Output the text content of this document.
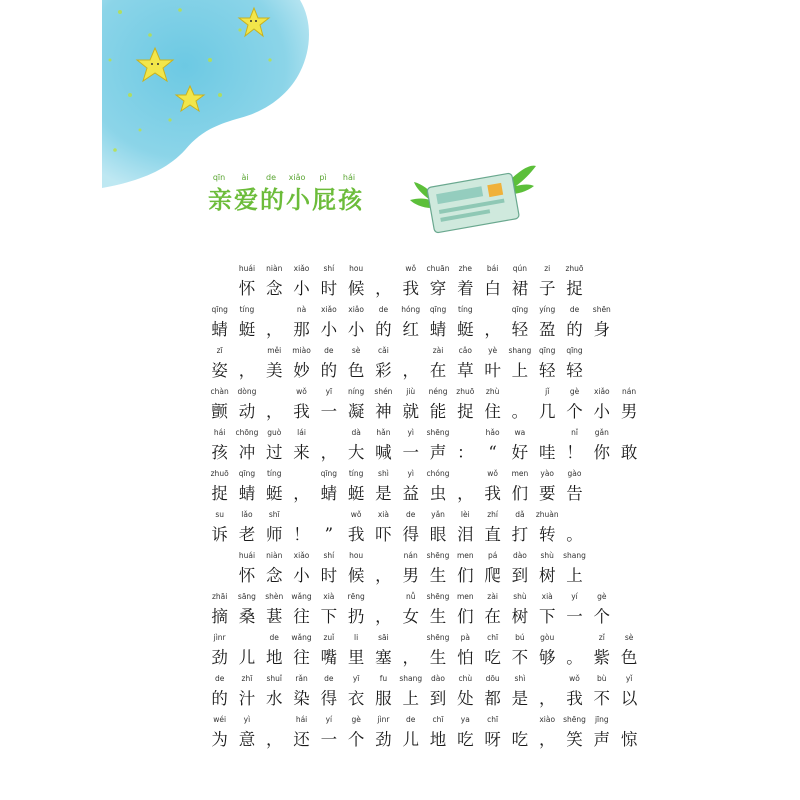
qīn	ài	de	xiǎo	pì	hái
亲爱的小屁孩
huái	niàn	xiǎo	shí	hou	wǒ	chuān	zhe	bái	qún	zi	zhuō

怀 念 小 时 候 ， 我 穿 着 白 裙 子 捉
qīng	tíng	nà	xiǎo	xiǎo	de	hóng	qīng	tíng	qīng	yíng	de	shēn
蜻 蜓 ， 那 小 小 的 红 蜻 蜓 ， 轻 盈 的 身
zī	měi	miào	de	sè	cǎi	zài	cǎo	yè	shang	qīng	qīng
姿 ， 美 妙 的 色 彩 ， 在 草 叶 上 轻 轻
chàn	dòng	wǒ	yī	níng	shén	jiù	néng	zhuō	zhù	jǐ	gè	xiǎo	nán
颤 动 ， 我 一 凝 神 就 能 捉 住 。 几 个 小 男
hái	chōng	guò	lái	dà	hǎn	yì	shēng	hǎo	wa	nǐ	gǎn
孩 冲 过 来 ， 大 喊 一 声 ： “ 好 哇 ！ 你 敢
zhuō	qīng	tíng	qīng	tíng	shì	yì	chóng	wǒ	men	yào	gào
捉 蜻 蜓 ， 蜻 蜓 是 益 虫 ， 我 们 要 告
su	lǎo	shī	wǒ	xià	de	yǎn	lèi	zhí	dǎ	zhuàn
诉 老 师 ！ ” 我 吓 得 眼 泪 直 打 转 。
huái	niàn	xiǎo	shí	hou	nán	shēng	men	pá	dào	shù	shang

怀 念 小 时 候 ， 男 生 们 爬 到 树 上
zhāi	sāng	shèn	wǎng	xià	rēng	nǚ	shēng	men	zài	shù	xià	yí	gè
摘 桑 葚 往 下 扔 ， 女 生 们 在 树 下 一 个
jìnr	de	wǎng	zuǐ	li	sāi	shēng	pà	chī	bú	gòu	zǐ	sè
劲 儿 地 往 嘴 里 塞 ， 生 怕 吃 不 够 。 紫 色
de	zhī	shuǐ	rǎn	de	yī	fu	shang	dào	chù	dōu	shì	wǒ	bù	yǐ
的 汁 水 染 得 衣 服 上 到 处 都 是 ， 我 不 以
wéi	yì	hái	yí	gè	jìnr	de	chī	ya	chī	xiào	shēng	jīng
为 意 ， 还 一 个 劲 儿 地 吃 呀 吃 ， 笑 声 惊
